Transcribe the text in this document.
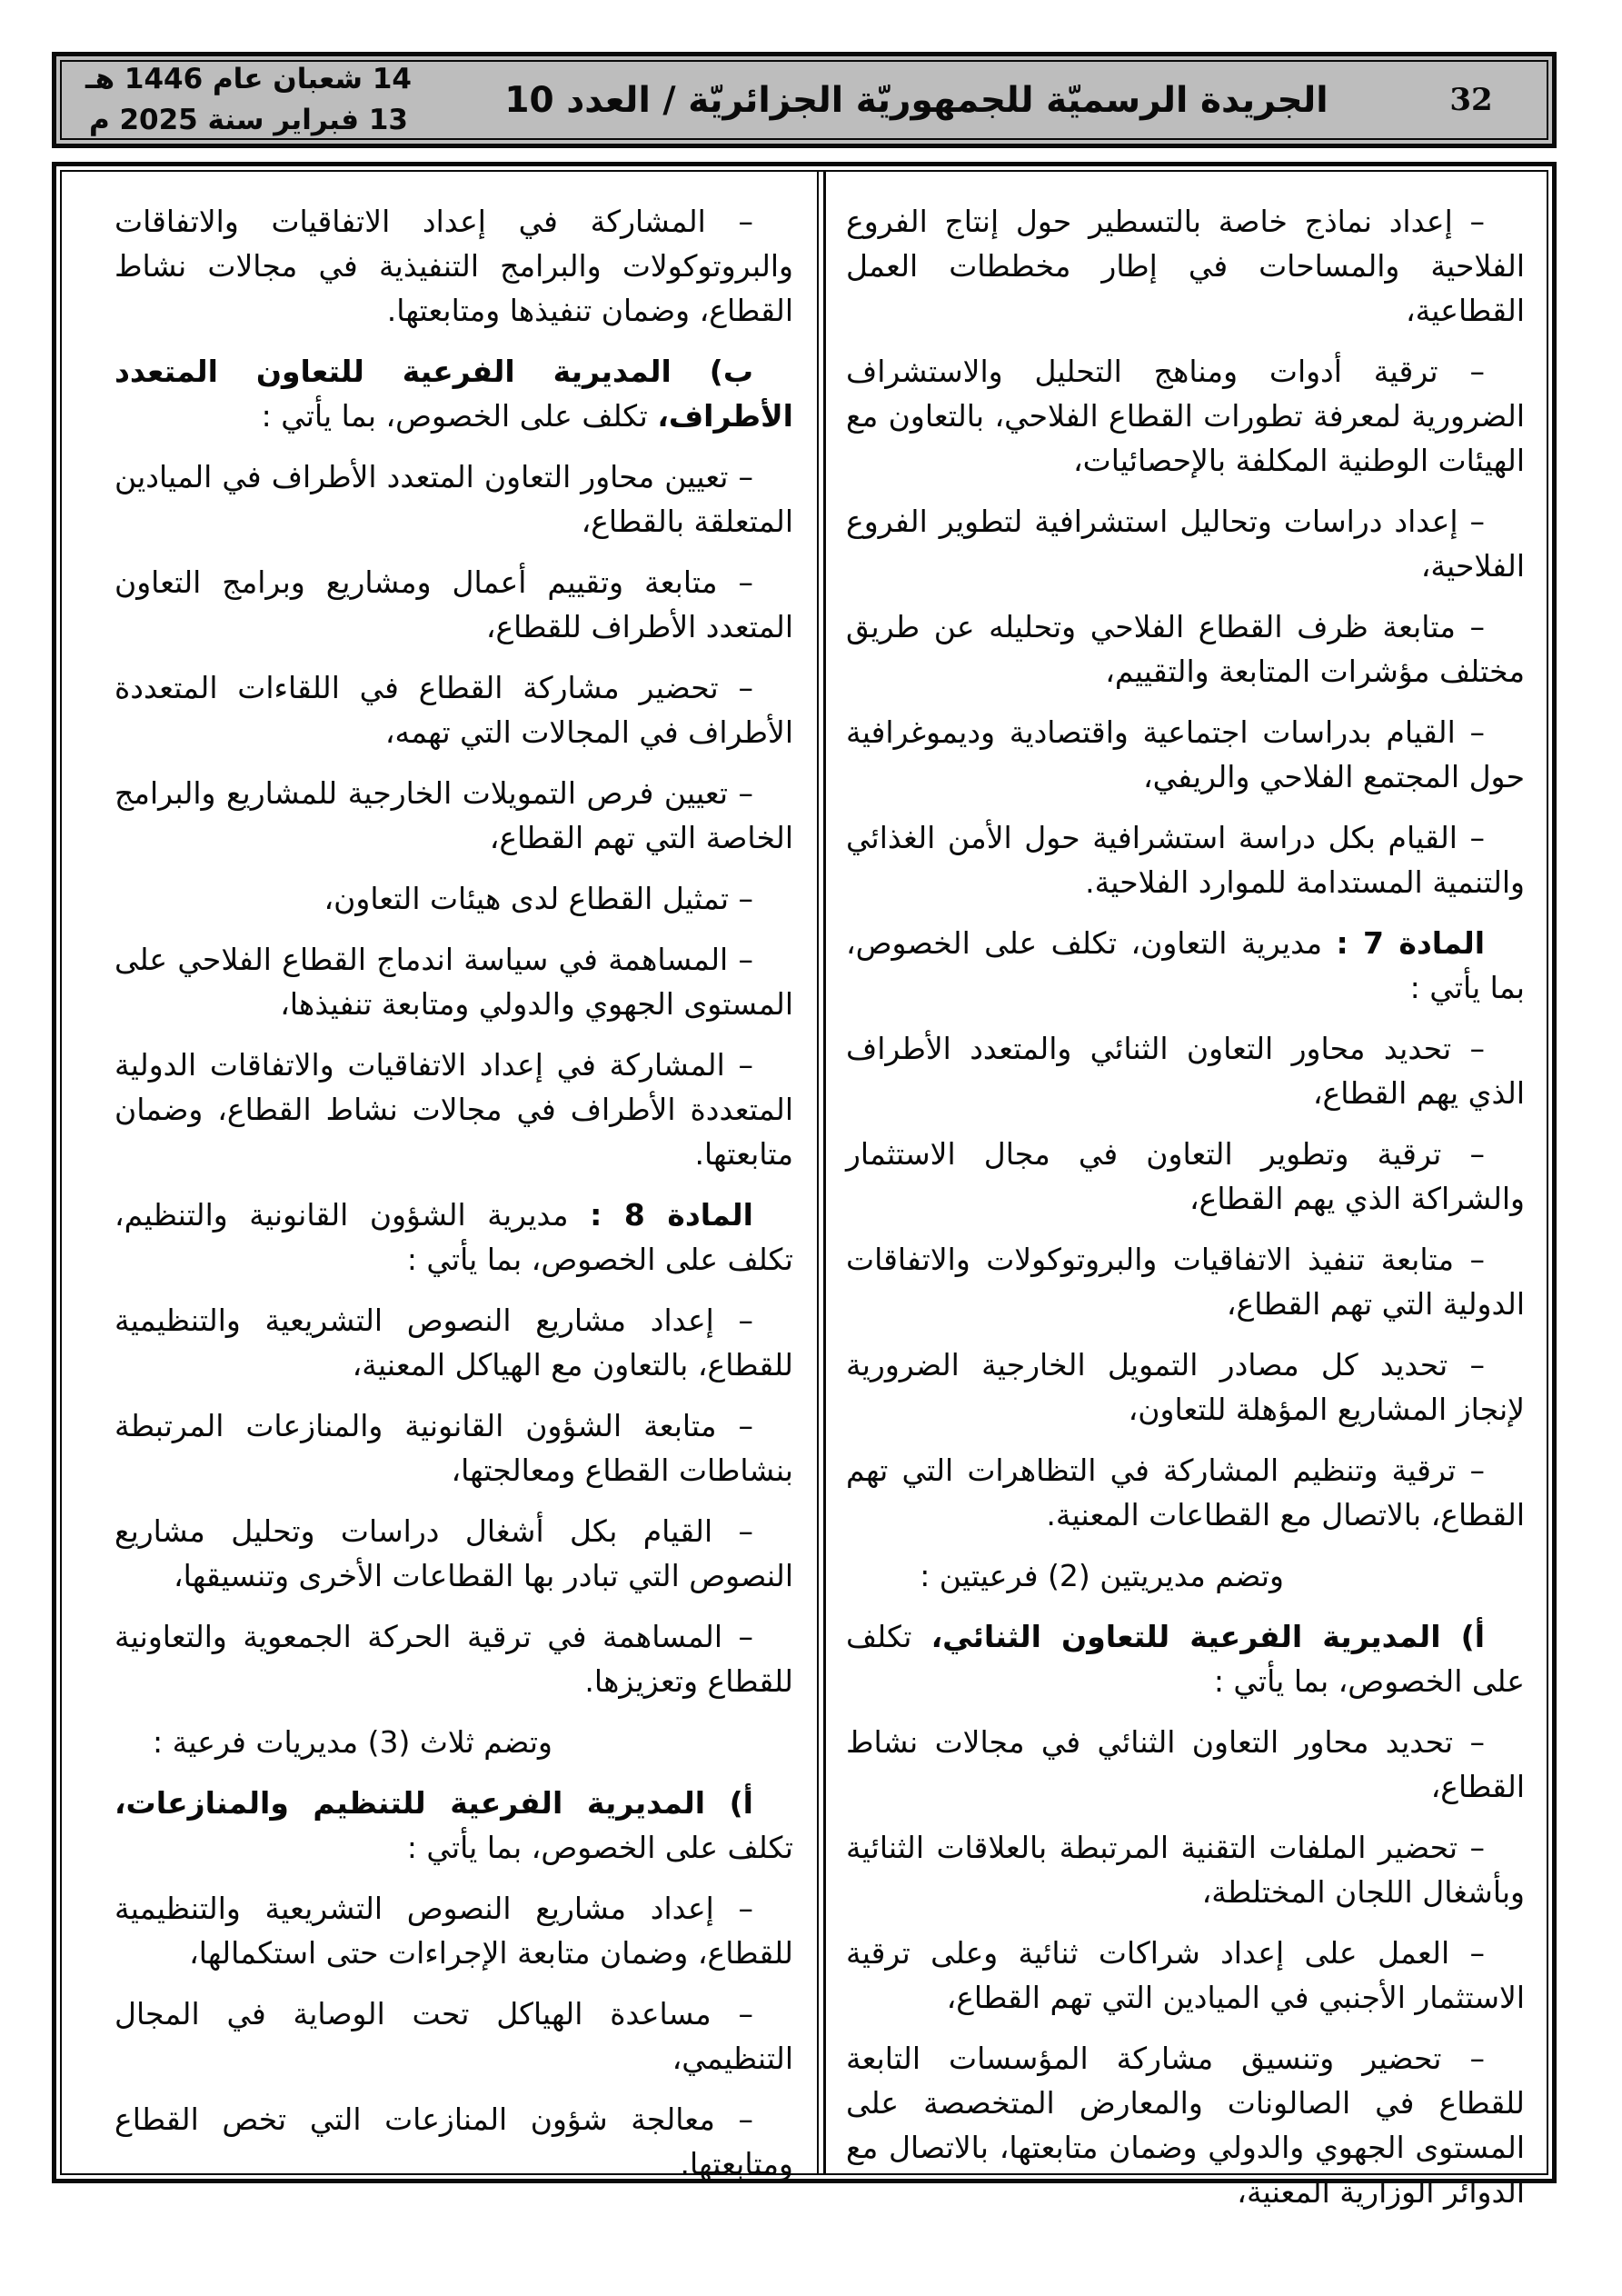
32
الجريدة الرسميّة للجمهوريّة الجزائريّة / العدد 10
14 شعبان عام 1446 هـ
13 فبراير سنة 2025 م

– إعداد نماذج خاصة بالتسطير حول إنتاج الفروع الفلاحية والمساحات في إطار مخططات العمل القطاعية،

– ترقية أدوات ومناهج التحليل والاستشراف الضرورية لمعرفة تطورات القطاع الفلاحي، بالتعاون مع الهيئات الوطنية المكلفة بالإحصائيات،

– إعداد دراسات وتحاليل استشرافية لتطوير الفروع الفلاحية،

– متابعة ظرف القطاع الفلاحي وتحليله عن طريق مختلف مؤشرات المتابعة والتقييم،

– القيام بدراسات اجتماعية واقتصادية وديموغرافية حول المجتمع الفلاحي والريفي،

– القيام بكل دراسة استشرافية حول الأمن الغذائي والتنمية المستدامة للموارد الفلاحية.

المادة 7 : مديرية التعاون، تكلف على الخصوص، بما يأتي :

– تحديد محاور التعاون الثنائي والمتعدد الأطراف الذي يهم القطاع،

– ترقية وتطوير التعاون في مجال الاستثمار والشراكة الذي يهم القطاع،

– متابعة تنفيذ الاتفاقيات والبروتوكولات والاتفاقات الدولية التي تهم القطاع،

– تحديد كل مصادر التمويل الخارجية الضرورية لإنجاز المشاريع المؤهلة للتعاون،

– ترقية وتنظيم المشاركة في التظاهرات التي تهم القطاع، بالاتصال مع القطاعات المعنية.

وتضم مديريتين (2) فرعيتين :

أ) المديرية الفرعية للتعاون الثنائي، تكلف على الخصوص، بما يأتي :

– تحديد محاور التعاون الثنائي في مجالات نشاط القطاع،

– تحضير الملفات التقنية المرتبطة بالعلاقات الثنائية وبأشغال اللجان المختلطة،

– العمل على إعداد شراكات ثنائية وعلى ترقية الاستثمار الأجنبي في الميادين التي تهم القطاع،

– تحضير وتنسيق مشاركة المؤسسات التابعة للقطاع في الصالونات والمعارض المتخصصة على المستوى الجهوي والدولي وضمان متابعتها، بالاتصال مع الدوائر الوزارية المعنية،

– المشاركة في إعداد الاتفاقيات والاتفاقات والبروتوكولات والبرامج التنفيذية في مجالات نشاط القطاع، وضمان تنفيذها ومتابعتها.

ب) المديرية الفرعية للتعاون المتعدد الأطراف، تكلف على الخصوص، بما يأتي :

– تعيين محاور التعاون المتعدد الأطراف في الميادين المتعلقة بالقطاع،

– متابعة وتقييم أعمال ومشاريع وبرامج التعاون المتعدد الأطراف للقطاع،

– تحضير مشاركة القطاع في اللقاءات المتعددة الأطراف في المجالات التي تهمه،

– تعيين فرص التمويلات الخارجية للمشاريع والبرامج الخاصة التي تهم القطاع،

– تمثيل القطاع لدى هيئات التعاون،

– المساهمة في سياسة اندماج القطاع الفلاحي على المستوى الجهوي والدولي ومتابعة تنفيذها،

– المشاركة في إعداد الاتفاقيات والاتفاقات الدولية المتعددة الأطراف في مجالات نشاط القطاع، وضمان متابعتها.

المادة 8 : مديرية الشؤون القانونية والتنظيم، تكلف على الخصوص، بما يأتي :

– إعداد مشاريع النصوص التشريعية والتنظيمية للقطاع، بالتعاون مع الهياكل المعنية،

– متابعة الشؤون القانونية والمنازعات المرتبطة بنشاطات القطاع ومعالجتها،

– القيام بكل أشغال دراسات وتحليل مشاريع النصوص التي تبادر بها القطاعات الأخرى وتنسيقها،

– المساهمة في ترقية الحركة الجمعوية والتعاونية للقطاع وتعزيزها.

وتضم ثلاث (3) مديريات فرعية :

أ) المديرية الفرعية للتنظيم والمنازعات، تكلف على الخصوص، بما يأتي :

– إعداد مشاريع النصوص التشريعية والتنظيمية للقطاع، وضمان متابعة الإجراءات حتى استكمالها،

– مساعدة الهياكل تحت الوصاية في المجال التنظيمي،

– معالجة شؤون المنازعات التي تخص القطاع ومتابعتها.
